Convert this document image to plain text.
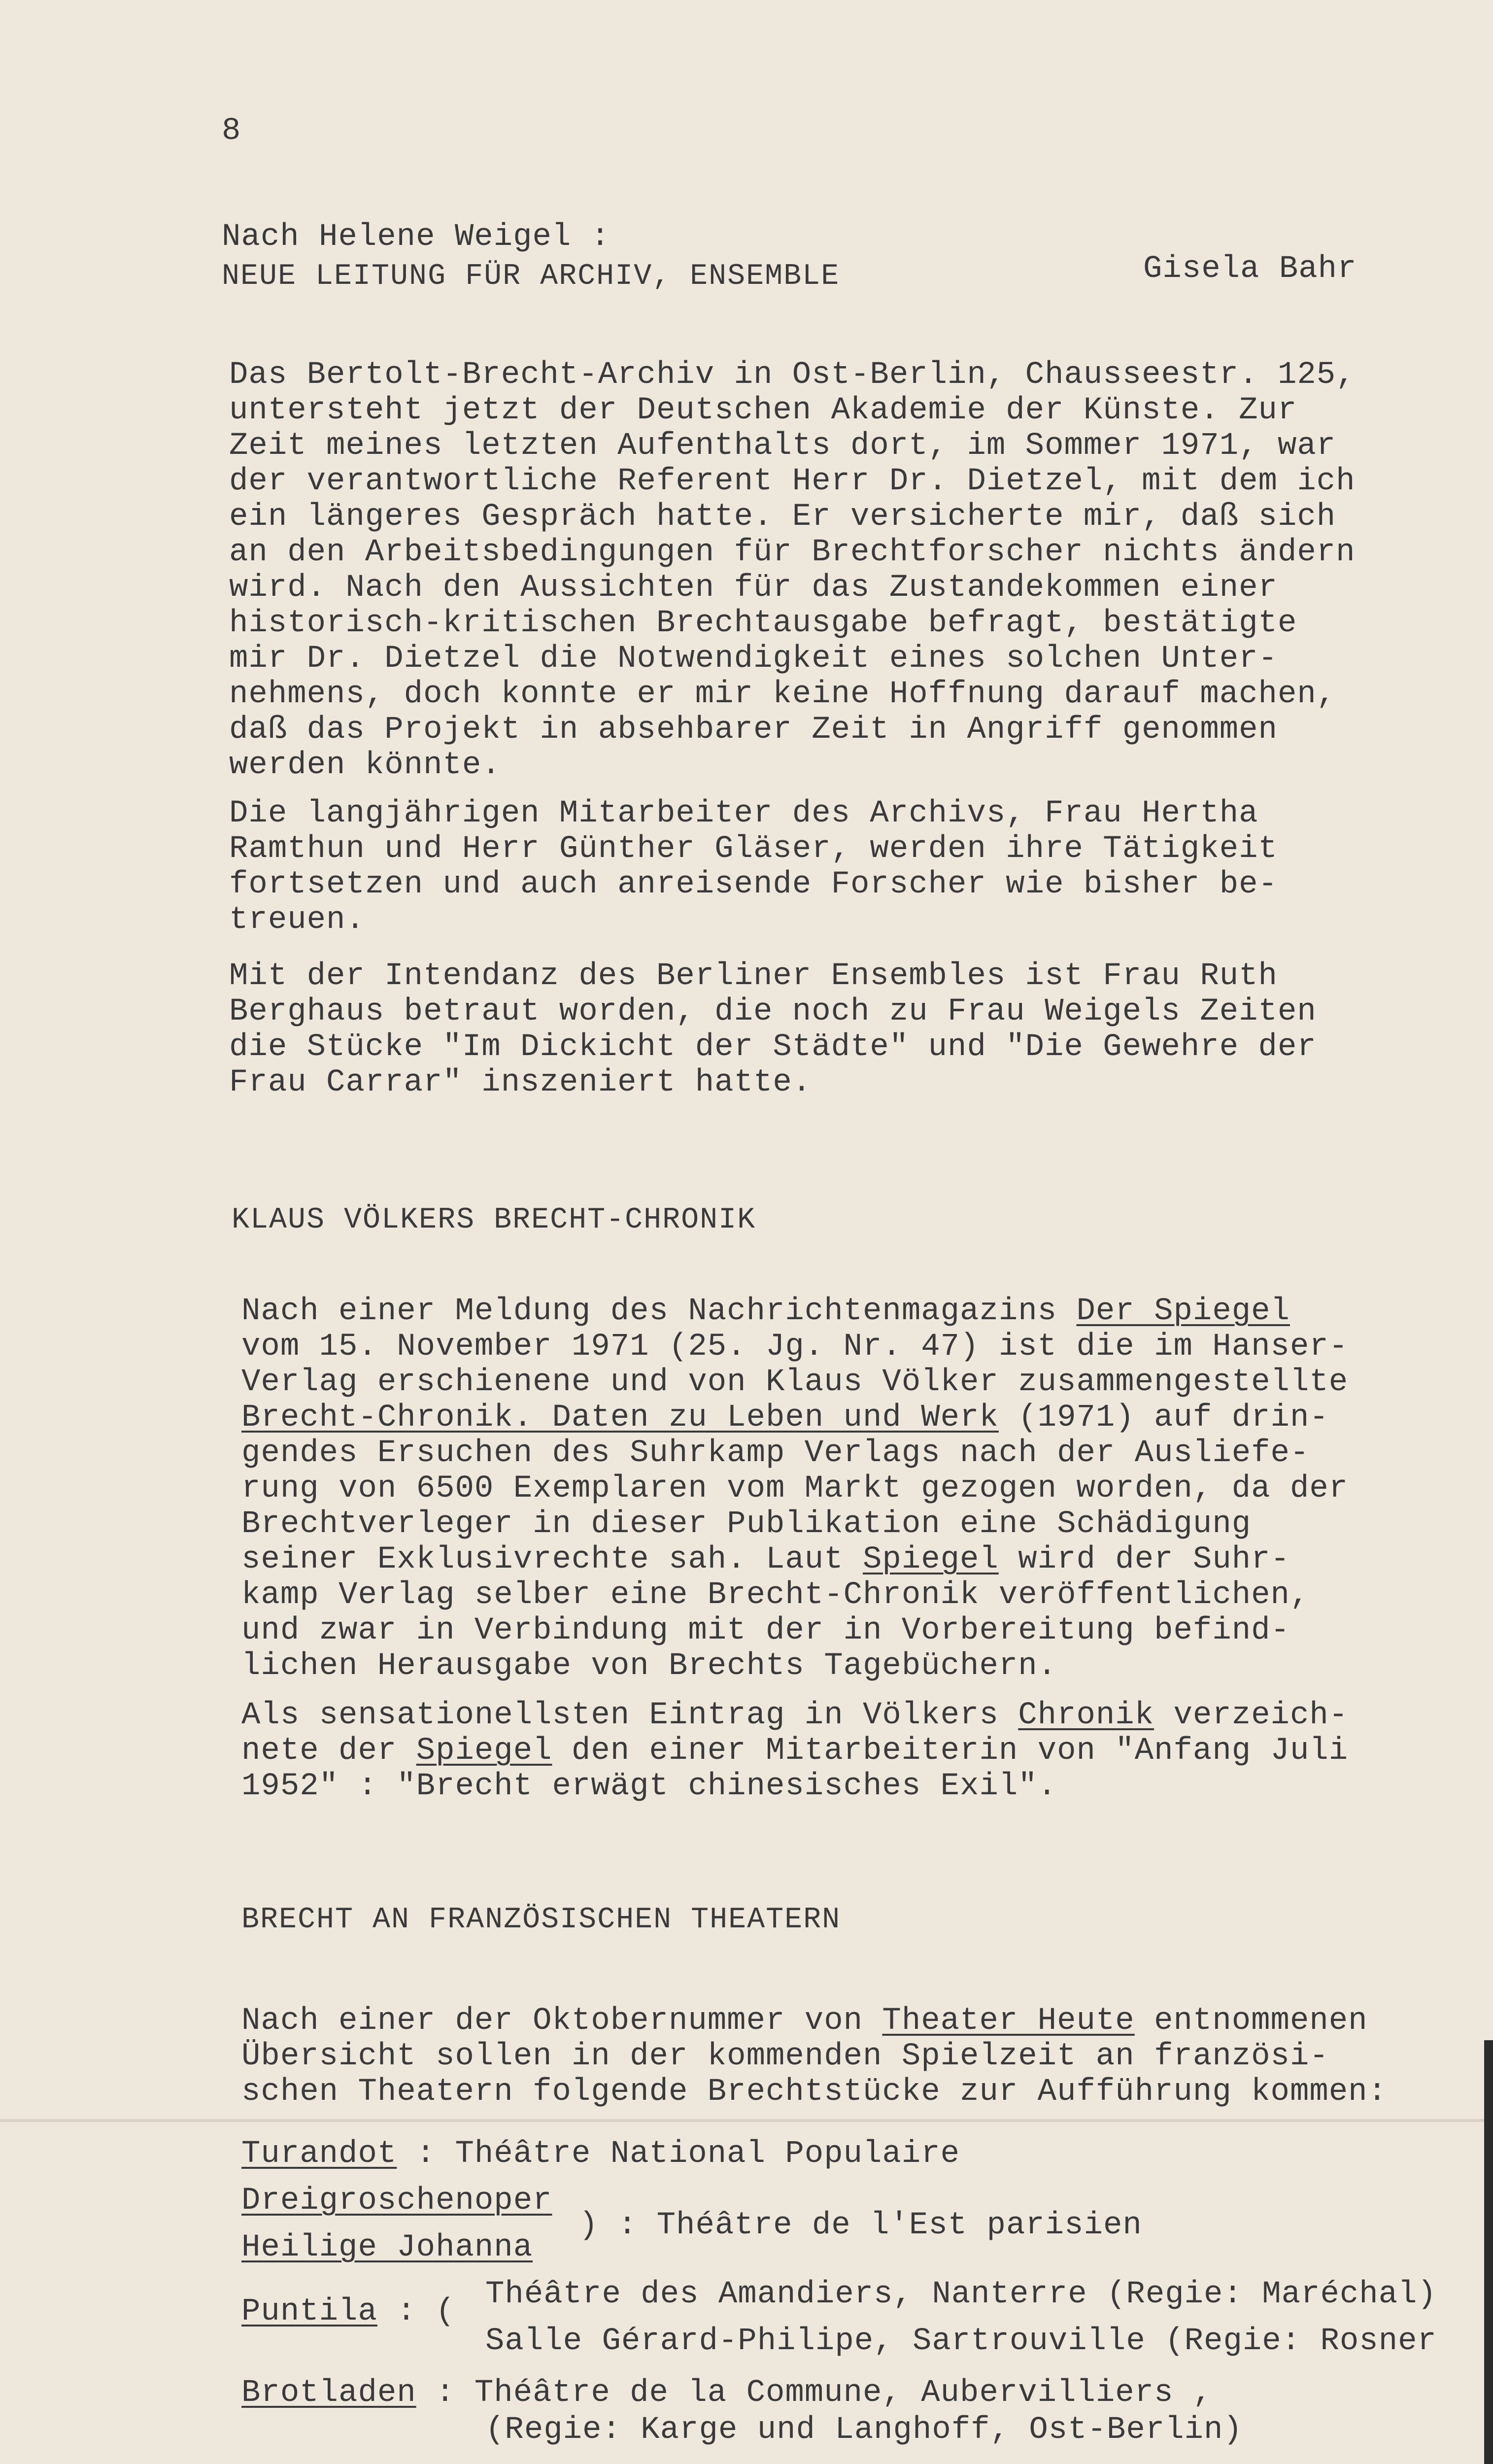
8

Nach Helene Weigel :

NEUE LEITUNG FÜR ARCHIV, ENSEMBLE	Gisela Bahr

Das Bertolt-Brecht-Archiv in Ost-Berlin, Chausseestr. 125,
untersteht jetzt der Deutschen Akademie der Künste. Zur
Zeit meines letzten Aufenthalts dort, im Sommer 1971, war
der verantwortliche Referent Herr Dr. Dietzel, mit dem ich
ein längeres Gespräch hatte. Er versicherte mir, daß sich
an den Arbeitsbedingungen für Brechtforscher nichts ändern
wird. Nach den Aussichten für das Zustandekommen einer
historisch-kritischen Brechtausgabe befragt, bestätigte
mir Dr. Dietzel die Notwendigkeit eines solchen Unter-
nehmens, doch konnte er mir keine Hoffnung darauf machen,
daß das Projekt in absehbarer Zeit in Angriff genommen
werden könnte.
Die langjährigen Mitarbeiter des Archivs, Frau Hertha
Ramthun und Herr Günther Gläser, werden ihre Tätigkeit
fortsetzen und auch anreisende Forscher wie bisher be-
treuen.
Mit der Intendanz des Berliner Ensembles ist Frau Ruth
Berghaus betraut worden, die noch zu Frau Weigels Zeiten
die Stücke "Im Dickicht der Städte" und "Die Gewehre der
Frau Carrar" inszeniert hatte.

KLAUS VÖLKERS BRECHT-CHRONIK

Nach einer Meldung des Nachrichtenmagazins Der Spiegel
vom 15. November 1971 (25. Jg. Nr. 47) ist die im Hanser-
Verlag erschienene und von Klaus Völker zusammengestellte
Brecht-Chronik. Daten zu Leben und Werk (1971) auf drin-
gendes Ersuchen des Suhrkamp Verlags nach der Ausliefe-
rung von 6500 Exemplaren vom Markt gezogen worden, da der
Brechtverleger in dieser Publikation eine Schädigung
seiner Exklusivrechte sah. Laut Spiegel wird der Suhr-
kamp Verlag selber eine Brecht-Chronik veröffentlichen,
und zwar in Verbindung mit der in Vorbereitung befind-
lichen Herausgabe von Brechts Tagebüchern.
Als sensationellsten Eintrag in Völkers Chronik verzeich-
nete der Spiegel den einer Mitarbeiterin von "Anfang Juli
1952" : "Brecht erwägt chinesisches Exil".

BRECHT AN FRANZÖSISCHEN THEATERN

Nach einer der Oktobernummer von Theater Heute entnommenen
Übersicht sollen in der kommenden Spielzeit an französi-
schen Theatern folgende Brechtstücke zur Aufführung kommen:
Turandot : Théâtre National Populaire
Dreigroschenoper
Heilige Johanna
) : Théâtre de l'Est parisien
Puntila : ( Théâtre des Amandiers, Nanterre (Regie: Maréchal)
Salle Gérard-Philipe, Sartrouville (Regie: Rosner
Brotladen : Théâtre de la Commune, Aubervilliers ,
(Regie: Karge und Langhoff, Ost-Berlin)
